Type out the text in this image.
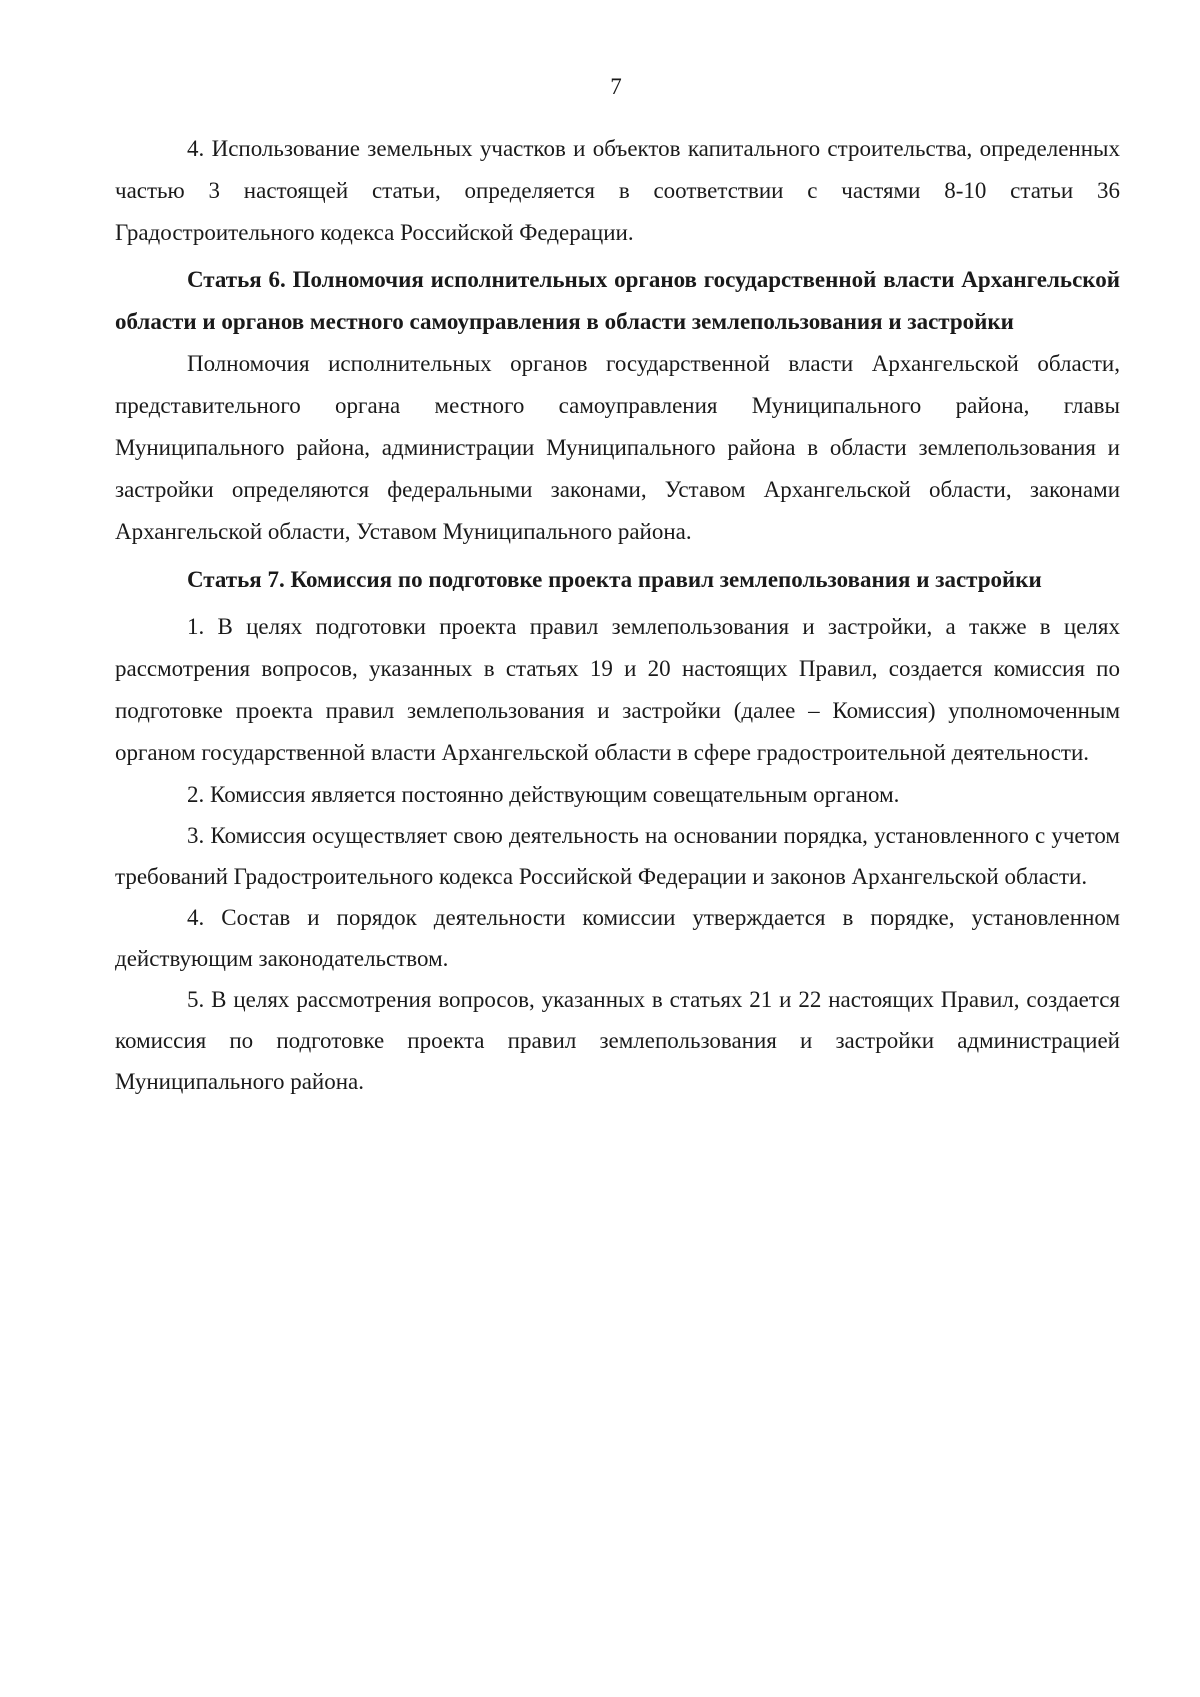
7

4. Использование земельных участков и объектов капитального строительства, определенных частью 3 настоящей статьи, определяется в соответствии с частями 8-10 статьи 36 Градостроительного кодекса Российской Федерации.

Статья 6. Полномочия исполнительных органов государственной власти Архангельской области и органов местного самоуправления в области землепользования и застройки

Полномочия исполнительных органов государственной власти Архангельской области, представительного органа местного самоуправления Муниципального района, главы Муниципального района, администрации Муниципального района в области землепользования и застройки определяются федеральными законами, Уставом Архангельской области, законами Архангельской области, Уставом Муниципального района.

Статья 7. Комиссия по подготовке проекта правил землепользования и застройки

1. В целях подготовки проекта правил землепользования и застройки, а также в целях рассмотрения вопросов, указанных в статьях 19 и 20 настоящих Правил, создается комиссия по подготовке проекта правил землепользования и застройки (далее – Комиссия) уполномоченным органом государственной власти Архангельской области в сфере градостроительной деятельности.

2. Комиссия является постоянно действующим совещательным органом.

3. Комиссия осуществляет свою деятельность на основании порядка, установленного с учетом требований Градостроительного кодекса Российской Федерации и законов Архангельской области.

4. Состав и порядок деятельности комиссии утверждается в порядке, установленном действующим законодательством.

5. В целях рассмотрения вопросов, указанных в статьях 21 и 22 настоящих Правил, создается комиссия по подготовке проекта правил землепользования и застройки администрацией Муниципального района.
